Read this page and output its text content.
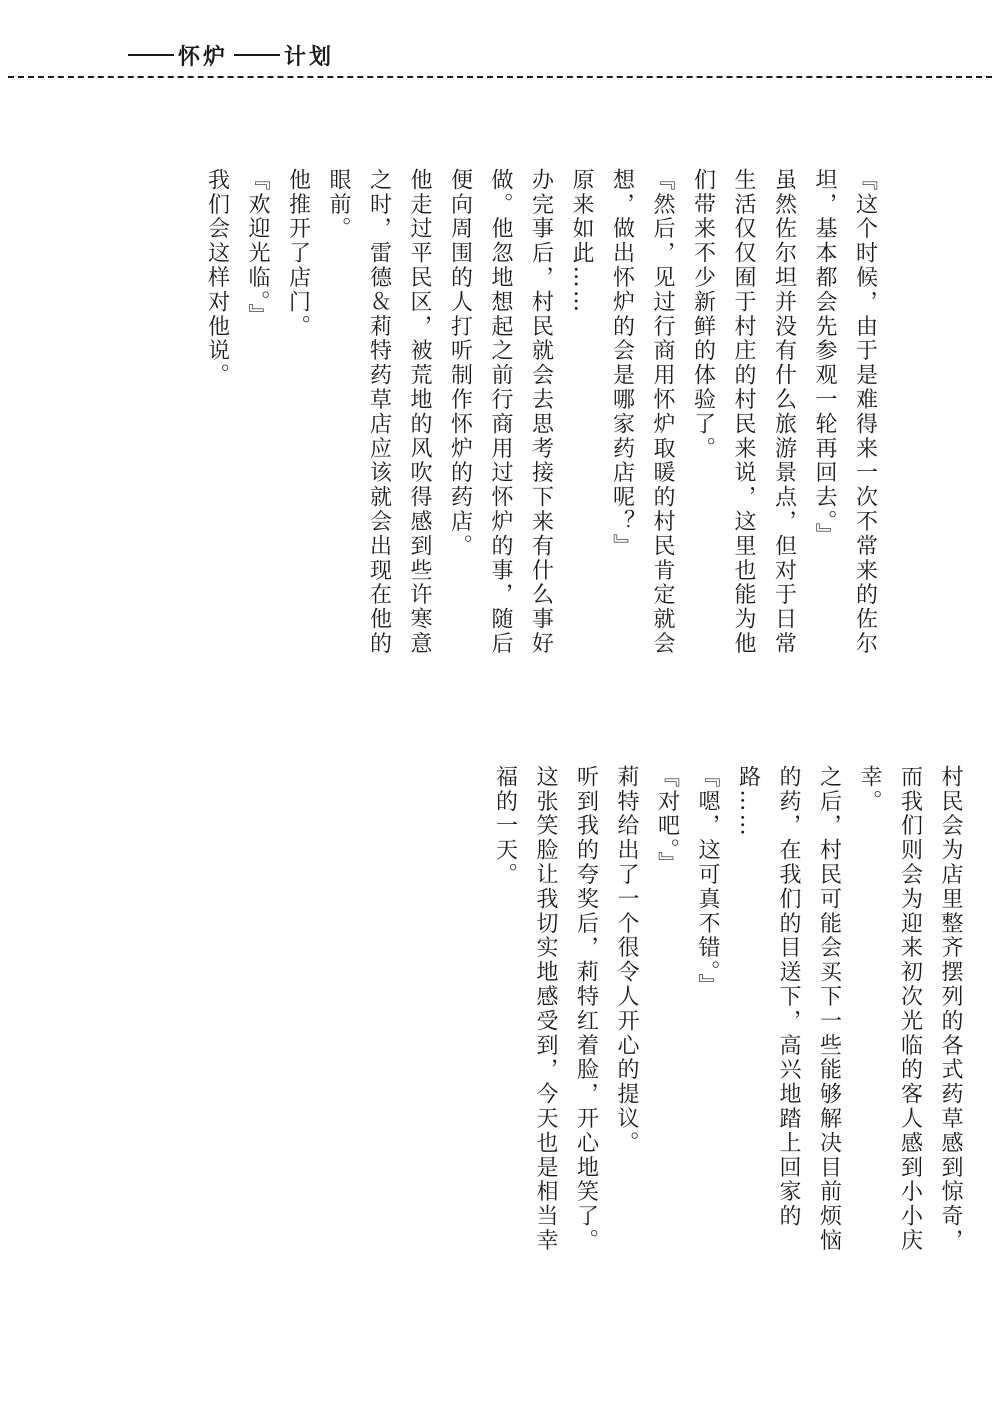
怀炉	计划

『这个时候，由于是难得来一次不常来的佐尔坦，基本都会先参观一轮再回去。』

虽然佐尔坦并没有什么旅游景点，但对于日常生活仅仅囿于村庄的村民来说，这里也能为他们带来不少新鲜的体验了。

『然后，见过行商用怀炉取暖的村民肯定就会想，做出怀炉的会是哪家药店呢？』

原来如此……

办完事后，村民就会去思考接下来有什么事好做。他忽地想起之前行商用过怀炉的事，随后便向周围的人打听制作怀炉的药店。

他走过平民区，被荒地的风吹得感到些许寒意之时，雷德＆莉特药草店应该就会出现在他的眼前。

他推开了店门。

『欢迎光临。』

我们会这样对他说。

村民会为店里整齐摆列的各式药草感到惊奇，而我们则会为迎来初次光临的客人感到小小庆幸。

之后，村民可能会买下一些能够解决目前烦恼的药，在我们的目送下，高兴地踏上回家的路……

『嗯，这可真不错。』

『对吧。』

莉特给出了一个很令人开心的提议。

听到我的夸奖后，莉特红着脸，开心地笑了。这张笑脸让我切实地感受到，今天也是相当幸福的一天。
